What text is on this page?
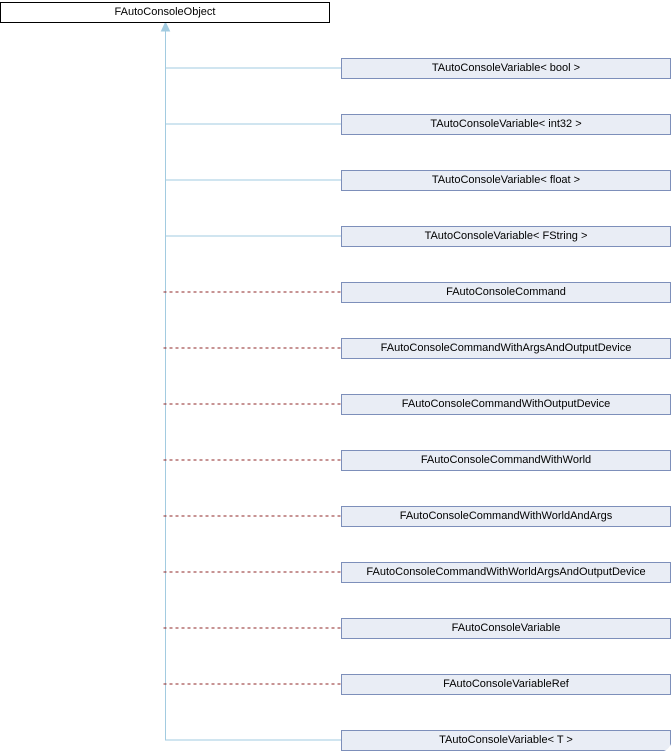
FAutoConsoleObject
TAutoConsoleVariable< bool >
TAutoConsoleVariable< int32 >
TAutoConsoleVariable< float >
TAutoConsoleVariable< FString >
FAutoConsoleCommand
FAutoConsoleCommandWithArgsAndOutputDevice
FAutoConsoleCommandWithOutputDevice
FAutoConsoleCommandWithWorld
FAutoConsoleCommandWithWorldAndArgs
FAutoConsoleCommandWithWorldArgsAndOutputDevice
FAutoConsoleVariable
FAutoConsoleVariableRef
TAutoConsoleVariable< T >
